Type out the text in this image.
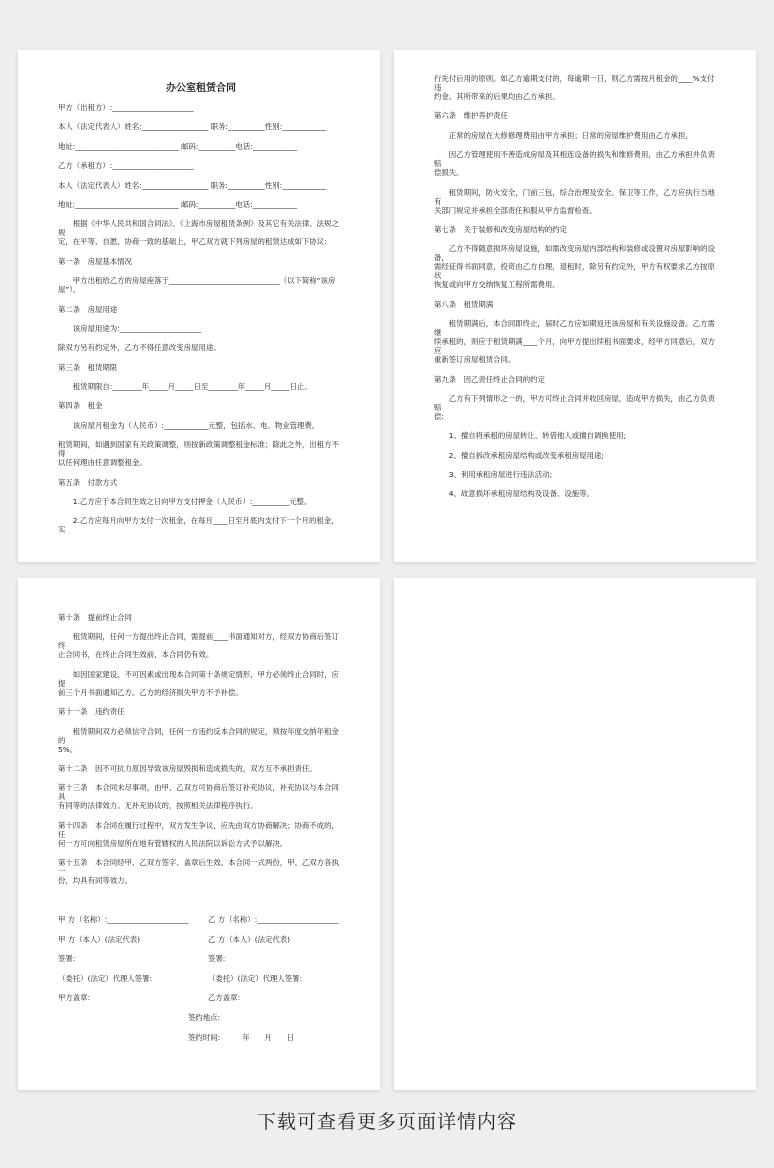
办公室租赁合同
甲方（出租方）:______________________
本人（法定代表人）姓名:__________________ 职务:__________性别:____________
地址:____________________________ 邮码:__________电话:____________
乙方（承租方）:______________________
本人（法定代表人）姓名:__________________ 职务:__________性别:____________
地址:____________________________ 邮码:__________电话:____________
　　根据《中华人民共和国合同法》、《上海市房屋租赁条例》及其它有关法律、法规之规
定，在平等、自愿、协商一致的基础上，甲乙双方就下列房屋的租赁达成如下协议:
第一条　房屋基本情况
　　甲方出租给乙方的房屋座落于______________________________（以下简称“该房屋”）。
第二条　房屋用途
　　该房屋用途为:______________________
除双方另有约定外，乙方不得任意改变房屋用途。
第三条　租赁期限
　　租赁期限自:________年_____月_____日至________年_____月_____日止。
第四条　租金
　　该房屋月租金为（人民币）:____________元整，包括水、电、物业管理费。
租赁期间，如遇到国家有关政策调整，则按新政策调整租金标准；除此之外，出租方不得
以任何理由任意调整租金。
第五条　付款方式
　　1.乙方应于本合同生效之日向甲方支付押金（人民币）:__________元整。
　　2.乙方应每月向甲方支付一次租金，在每月____日至月底内支付下一个月的租金，实
行先付后用的原则。如乙方逾期支付的，每逾期一日，则乙方需按月租金的____%支付违
约金。其所带来的后果均由乙方承担。
第六条　维护养护责任
　　正常的房屋在大修修理费用由甲方承担；日常的房屋维护费用由乙方承担。
　　因乙方管理使用不善造成房屋及其相连设备的损失和维修费用，由乙方承担并负责赔
偿损失。
　　租赁期间，防火安全，门前三包，综合治理及安全、保卫等工作，乙方应执行当地有
关部门规定并承担全部责任和服从甲方监督检查。
第七条　关于装修和改变房屋结构的约定
　　乙方不得随意损坏房屋设施，如需改变房屋内部结构和装修或设置对房屋影响的设备，
需经征得书面同意，投资由乙方自理，退租时，除另有约定外，甲方有权要求乙方按原状
恢复或向甲方交纳恢复工程所需费用。
第八条　租赁期满
　　租赁期满后，本合同即终止，届时乙方应如期返还该房屋和有关设施设备。乙方需继
续承租的，则应于租赁期满____个月，向甲方提出续租书面要求，经甲方同意后，双方应
重新签订房屋租赁合同。
第九条　因乙责任终止合同的约定
　　乙方有下列情形之一的，甲方可终止合同并收回房屋，造成甲方损失，由乙方负责赔
偿:
　　1、擅自将承租的房屋转让、转借他人或擅自调换使用;
　　2、擅自拆改承租房屋结构或改变承租房屋用途;
　　3、利用承租房屋进行违法活动;
　　4、故意损坏承租房屋结构及设备、设施等。
第十条　提前终止合同
　　租赁期间，任何一方提出终止合同，需提前____书面通知对方，经双方协商后签订终
止合同书，在终止合同生效前，本合同仍有效。
　　如因国家建设、不可因素或出现本合同第十条规定情形，甲方必须终止合同时，应提
前三个月书面通知乙方。乙方的经济损失甲方不予补偿。
第十一条　违约责任
　　租赁期间双方必须信守合同，任何一方违约反本合同的规定，须按年度交纳年租金的
5%。
第十二条　因不可抗力原因导致该房屋毁损和造成损失的，双方互不承担责任。
第十三条　本合同未尽事项，由甲、乙双方可协商后签订补充协议，补充协议与本合同具
有同等的法律效力。无补充协议的，按照相关法律程序执行。
第十四条　本合同在履行过程中，双方发生争议，应先由双方协商解决；协商不成的，任
何一方可向租赁房屋所在地有管辖权的人民法院以诉讼方式予以解决。
第十五条　本合同经甲、乙双方签字、盖章后生效。本合同一式两份，甲、乙双方各执一
份，均具有同等效力。
甲 方（名称）:______________________	乙 方（名称）:______________________
甲 方（本人）(法定代表)	乙 方（本人）(法定代表)
签署:	签署:
（委托）(法定）代理人签署:	（委托）(法定）代理人签署:
甲方盖章:	乙方盖章:
签约地点:
签约时间:　　　年　　月　　日
下载可查看更多页面详情内容
